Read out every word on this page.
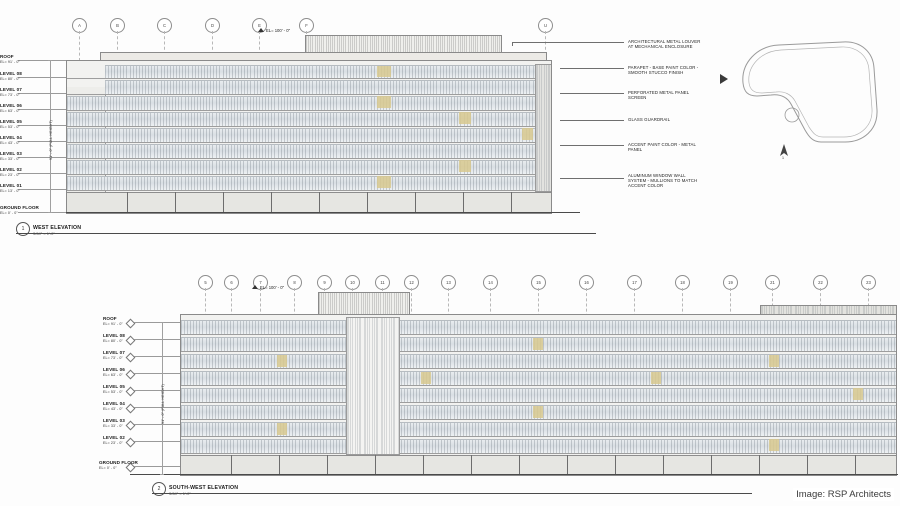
A	B	C	D	E	F	U
EL= 100' - 0"
ROOF
EL= 91' - 0"
LEVEL 08
EL= 80' - 0"
LEVEL 07
EL= 73' - 0"
LEVEL 06
EL= 63' - 0"
LEVEL 05
EL= 53' - 0"
LEVEL 04
EL= 43' - 0"
LEVEL 03
EL= 33' - 0"
LEVEL 02
EL= 23' - 0"
LEVEL 01
EL= 13' - 0"
GROUND FLOOR
EL= 0' - 0"
91' - 0" (FULL HEIGHT)
ARCHITECTURAL METAL LOUVER
AT MECHANICAL ENCLOSURE
PARAPET - BASE PAINT COLOR -
SMOOTH STUCCO FINISH
PERFORATED METAL PANEL
SCREEN
GLASS GUARDRAIL
ACCENT PAINT COLOR - METAL
PANEL
ALUMINUM WINDOW WALL
SYSTEM - MULLIONS TO MATCH
ACCENT COLOR
1	WEST ELEVATION
3/64" = 1'-0"
1
5	6	7	8	9	10	11	12	13	14	15	16	17	18	19	21	22	23
EL= 100' - 0"
ROOF
EL= 91' - 0"
LEVEL 08
EL= 80' - 0"
LEVEL 07
EL= 73' - 0"
LEVEL 06
EL= 63' - 0"
LEVEL 05
EL= 53' - 0"
LEVEL 04
EL= 43' - 0"
LEVEL 03
EL= 33' - 0"
LEVEL 02
EL= 23' - 0"
GROUND FLOOR
EL= 0' - 0"
91' - 0" (FULL HEIGHT)
2	SOUTH-WEST ELEVATION
3/64" = 1'-0"	Image: RSP Architects
